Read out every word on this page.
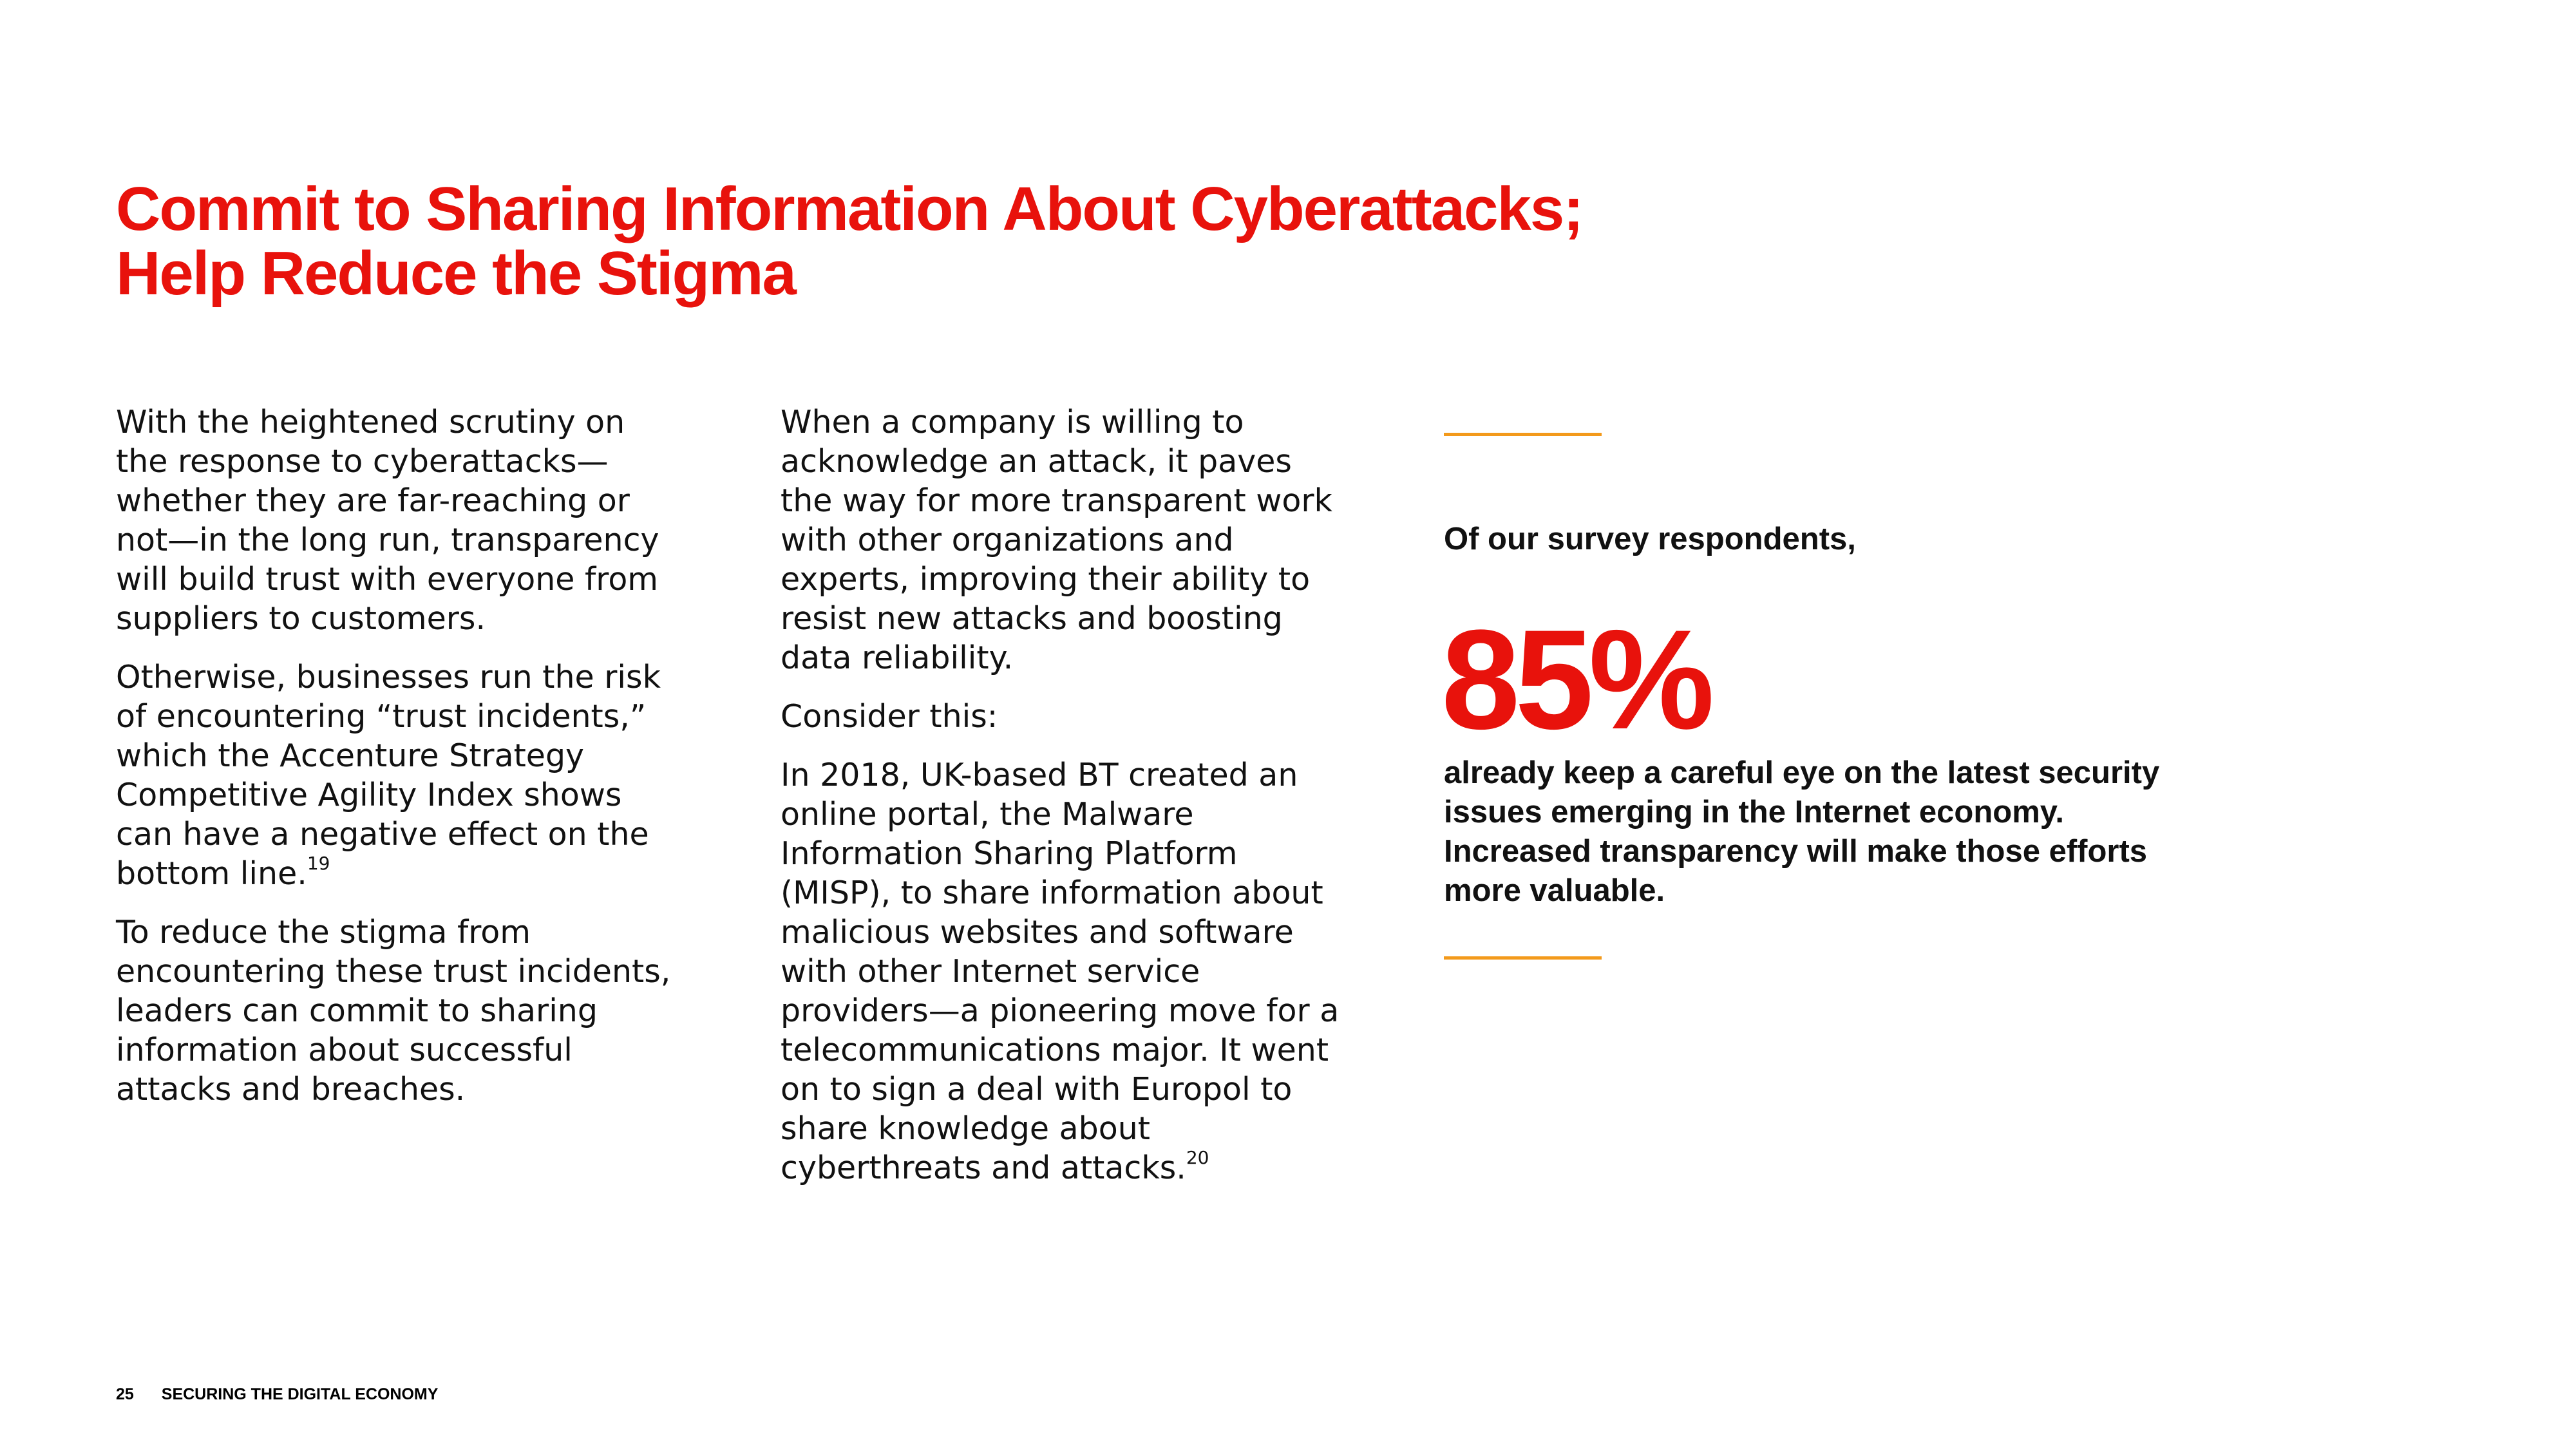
Commit to Sharing Information About Cyberattacks;
Help Reduce the Stigma

With the heightened scrutiny on the response to cyberattacks—whether they are far-reaching or not—in the long run, transparency will build trust with everyone from suppliers to customers.

Otherwise, businesses run the risk of encountering “trust incidents,” which the Accenture Strategy Competitive Agility Index shows can have a negative effect on the bottom line.$^{19}$

To reduce the stigma from encountering these trust incidents, leaders can commit to sharing information about successful attacks and breaches.

When a company is willing to acknowledge an attack, it paves the way for more transparent work with other organizations and experts, improving their ability to resist new attacks and boosting data reliability.

Consider this:

In 2018, UK-based BT created an online portal, the Malware Information Sharing Platform (MISP), to share information about malicious websites and software with other Internet service providers—a pioneering move for a telecommunications major. It went on to sign a deal with Europol to share knowledge about cyberthreats and attacks.$^{20}$

Of our survey respondents,

85%

already keep a careful eye on the latest security issues emerging in the Internet economy. Increased transparency will make those efforts more valuable.

25 SECURING THE DIGITAL ECONOMY
